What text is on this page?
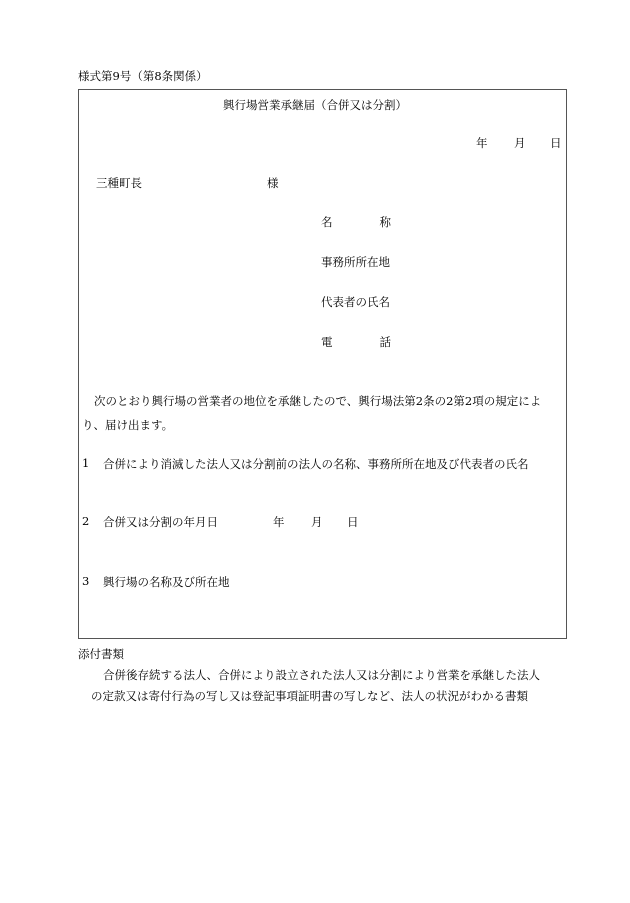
様式第9号（第8条関係）
興行場営業承継届（合併又は分割）
年 月 日
三種町長	様
名　　　　称
事務所所在地
代表者の氏名
電　　　　話
次のとおり興行場の営業者の地位を承継したので、興行場法第2条の2第2項の規定により、届け出ます。
1 合併により消滅した法人又は分割前の法人の名称、事務所所在地及び代表者の氏名
2 合併又は分割の年月日	年 月 日
3 興行場の名称及び所在地
添付書類
合併後存続する法人、合併により設立された法人又は分割により営業を承継した法人
の定款又は寄付行為の写し又は登記事項証明書の写しなど、法人の状況がわかる書類
